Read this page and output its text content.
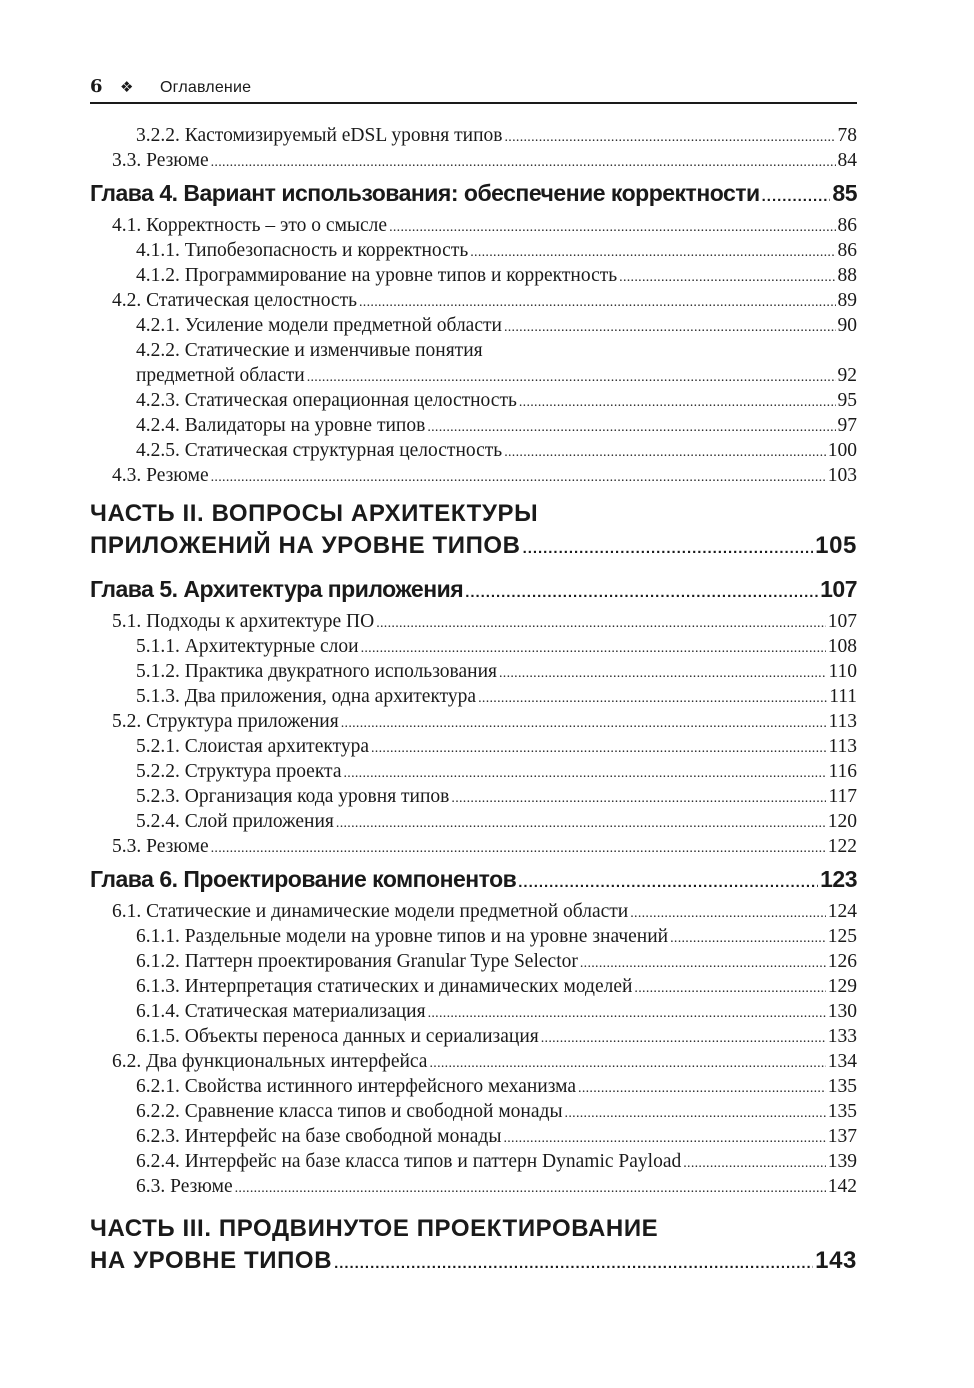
6	❖	Оглавление
3.2.2. Кастомизируемый eDSL уровня типов . . .	78
3.3. Резюме . . .	84
Глава 4. Вариант использования: обеспечение корректности . . .	85
4.1. Корректность – это о смысле . . .	86
4.1.1. Типобезопасность и корректность . . .	86
4.1.2. Программирование на уровне типов и корректность . . .	88
4.2. Статическая целостность . . .	89
4.2.1. Усиление модели предметной области . . .	90
4.2.2. Статические и изменчивые понятия
предметной области . . .	92
4.2.3. Статическая операционная целостность . . .	95
4.2.4. Валидаторы на уровне типов . . .	97
4.2.5. Статическая структурная целостность . . .	100
4.3. Резюме . . .	103
ЧАСТЬ II. ВОПРОСЫ АРХИТЕКТУРЫ
ПРИЛОЖЕНИЙ НА УРОВНЕ ТИПОВ . . .	105
Глава 5. Архитектура приложения . . .	107
5.1. Подходы к архитектуре ПО . . .	107
5.1.1. Архитектурные слои . . .	108
5.1.2. Практика двукратного использования . . .	110
5.1.3. Два приложения, одна архитектура . . .	111
5.2. Структура приложения . . .	113
5.2.1. Слоистая архитектура . . .	113
5.2.2. Структура проекта . . .	116
5.2.3. Организация кода уровня типов . . .	117
5.2.4. Слой приложения . . .	120
5.3. Резюме . . .	122
Глава 6. Проектирование компонентов . . .	123
6.1. Статические и динамические модели предметной области . . .	124
6.1.1. Раздельные модели на уровне типов и на уровне значений . . .	125
6.1.2. Паттерн проектирования Granular Type Selector . . .	126
6.1.3. Интерпретация статических и динамических моделей . . .	129
6.1.4. Статическая материализация . . .	130
6.1.5. Объекты переноса данных и сериализация . . .	133
6.2. Два функциональных интерфейса . . .	134
6.2.1. Свойства истинного интерфейсного механизма . . .	135
6.2.2. Сравнение класса типов и свободной монады . . .	135
6.2.3. Интерфейс на базе свободной монады . . .	137
6.2.4. Интерфейс на базе класса типов и паттерн Dynamic Payload . . .	139
6.3. Резюме . . .	142
ЧАСТЬ III. ПРОДВИНУТОЕ ПРОЕКТИРОВАНИЕ
НА УРОВНЕ ТИПОВ . . .	143
